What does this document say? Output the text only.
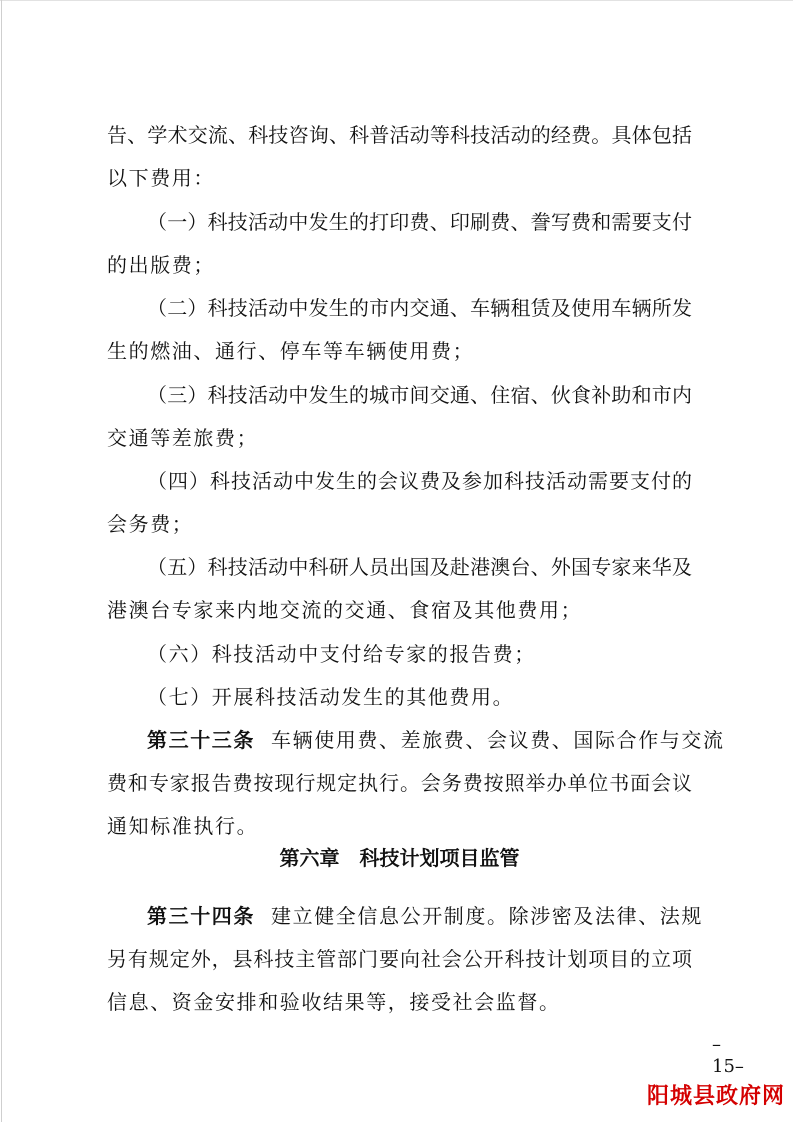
告、学术交流、科技咨询、科普活动等科技活动的经费。具体包括
以下费用：
（一）科技活动中发生的打印费、印刷费、誊写费和需要支付
的出版费；
（二）科技活动中发生的市内交通、车辆租赁及使用车辆所发
生的燃油、通行、停车等车辆使用费；
（三）科技活动中发生的城市间交通、住宿、伙食补助和市内
交通等差旅费；
（四）科技活动中发生的会议费及参加科技活动需要支付的
会务费；
（五）科技活动中科研人员出国及赴港澳台、外国专家来华及
港澳台专家来内地交流的交通、食宿及其他费用；
（六）科技活动中支付给专家的报告费；
（七）开展科技活动发生的其他费用。
第三十三条 车辆使用费、差旅费、会议费、国际合作与交流
费和专家报告费按现行规定执行。会务费按照举办单位书面会议
通知标准执行。
第六章 科技计划项目监管
第三十四条 建立健全信息公开制度。除涉密及法律、法规
另有规定外，县科技主管部门要向社会公开科技计划项目的立项
信息、资金安排和验收结果等，接受社会监督。
–15–
阳城县政府网
